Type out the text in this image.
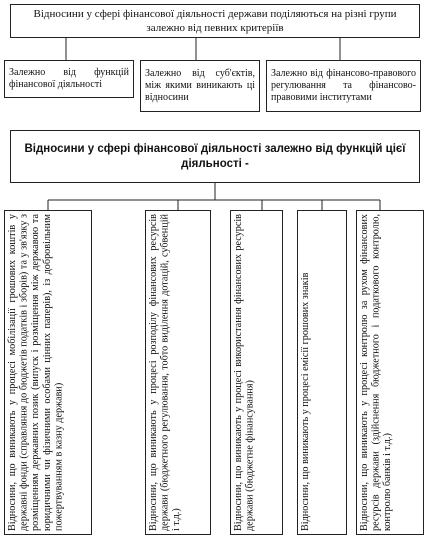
Відносини у сфері фінансової діяльності держави поділяються на різні групи залежно від певних критеріїв
Залежно від функцій фінансової діяльності
Залежно від суб'єктів, між якими виникають ці відносини
Залежно від фінансово-правового регулювання та фінансово-правовими інститутами
Відносини у сфері фінансової діяльності залежно від функцій цієї діяльності -
Відносини, що виникають у процесі мобілізації грошових коштів у державні фонди (справляння до бюджетів податків і зборів) та у зв'язку з розміщенням державних позик (випуск і розміщення між державою та юридичними чи фізичними особами цінних паперів), із добровільним пожертвуванням в казну держави)	Відносини, що виникають у процесі розподілу фінансових ресурсів держави (бюджетного регулювання, тобто виділення дотацій, субвенцій і т.д.)	Відносини, що виникають у процесі використання фінансових ресурсів держави (бюджетне фінансування)	Відносини, що виникають у процесі емісії грошових знаків	Відносини, що виникають у процесі контролю за рухом фінансових ресурсів держави (здійснення бюджетного і податкового контролю, контролю банків і т.д.)
